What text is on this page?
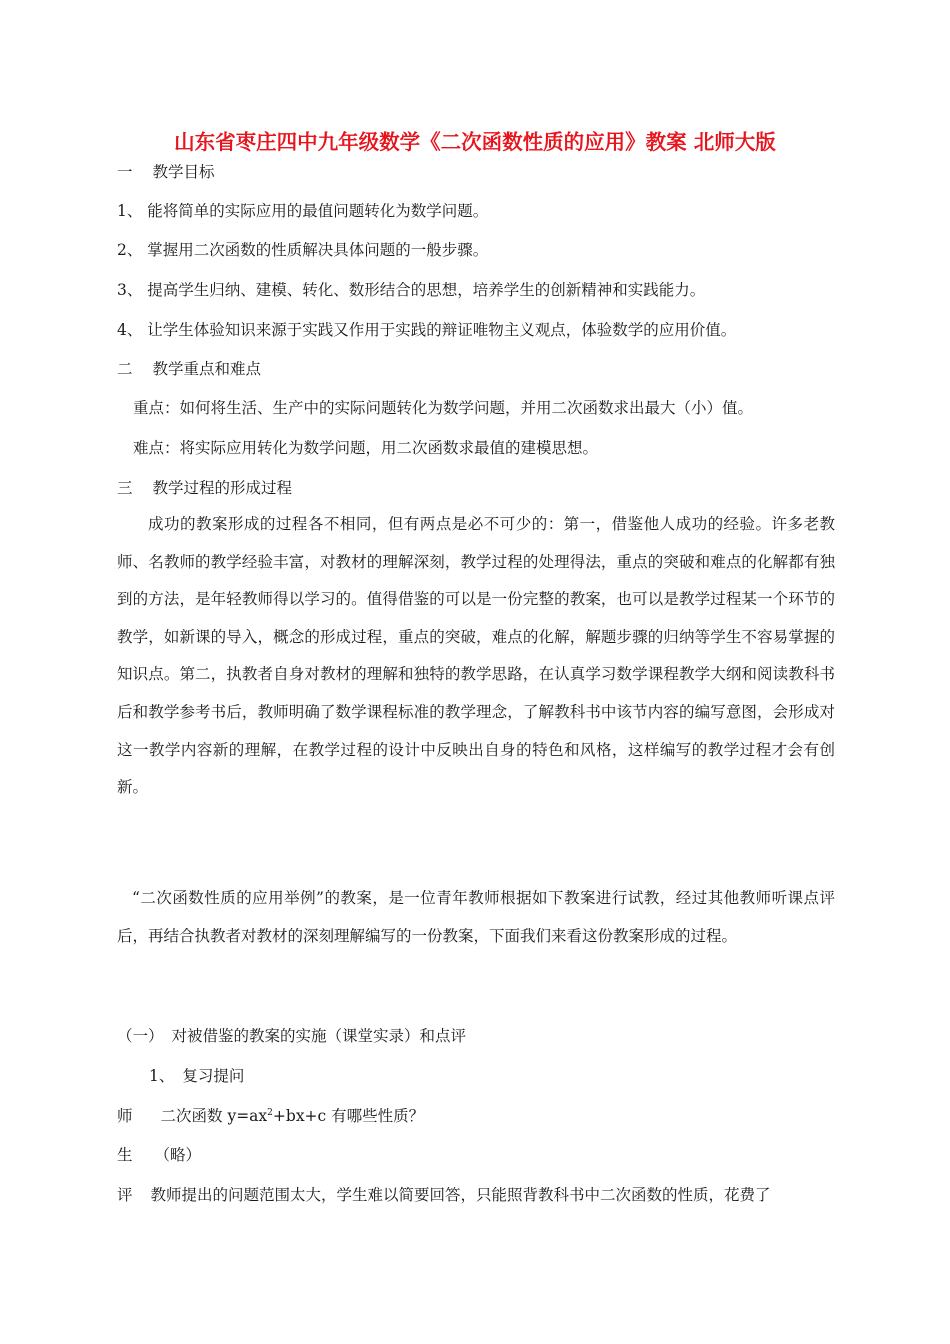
山东省枣庄四中九年级数学《二次函数性质的应用》教案 北师大版
一 教学目标
1、 能将简单的实际应用的最值问题转化为数学问题。
2、 掌握用二次函数的性质解决具体问题的一般步骤。
3、 提高学生归纳、建模、转化、数形结合的思想，培养学生的创新精神和实践能力。
4、 让学生体验知识来源于实践又作用于实践的辩证唯物主义观点，体验数学的应用价值。
二 教学重点和难点
重点：如何将生活、生产中的实际问题转化为数学问题，并用二次函数求出最大（小）值。
难点：将实际应用转化为数学问题，用二次函数求最值的建模思想。
三 教学过程的形成过程
成功的教案形成的过程各不相同，但有两点是必不可少的：第一，借鉴他人成功的经验。许多老教师、名教师的教学经验丰富，对教材的理解深刻，教学过程的处理得法，重点的突破和难点的化解都有独到的方法，是年轻教师得以学习的。值得借鉴的可以是一份完整的教案，也可以是教学过程某一个环节的教学，如新课的导入，概念的形成过程，重点的突破，难点的化解，解题步骤的归纳等学生不容易掌握的知识点。第二，执教者自身对教材的理解和独特的教学思路，在认真学习数学课程教学大纲和阅读教科书后和教学参考书后，教师明确了数学课程标准的教学理念，了解教科书中该节内容的编写意图，会形成对这一教学内容新的理解，在教学过程的设计中反映出自身的特色和风格，这样编写的教学过程才会有创新。
“二次函数性质的应用举例”的教案，是一位青年教师根据如下教案进行试教，经过其他教师听课点评后，再结合执教者对教材的深刻理解编写的一份教案，下面我们来看这份教案形成的过程。
（一） 对被借鉴的教案的实施（课堂实录）和点评
1、 复习提问
师 二次函数 $y=ax^2+bx+c$ 有哪些性质？
生 （略）
评 教师提出的问题范围太大，学生难以简要回答，只能照背教科书中二次函数的性质，花费了
